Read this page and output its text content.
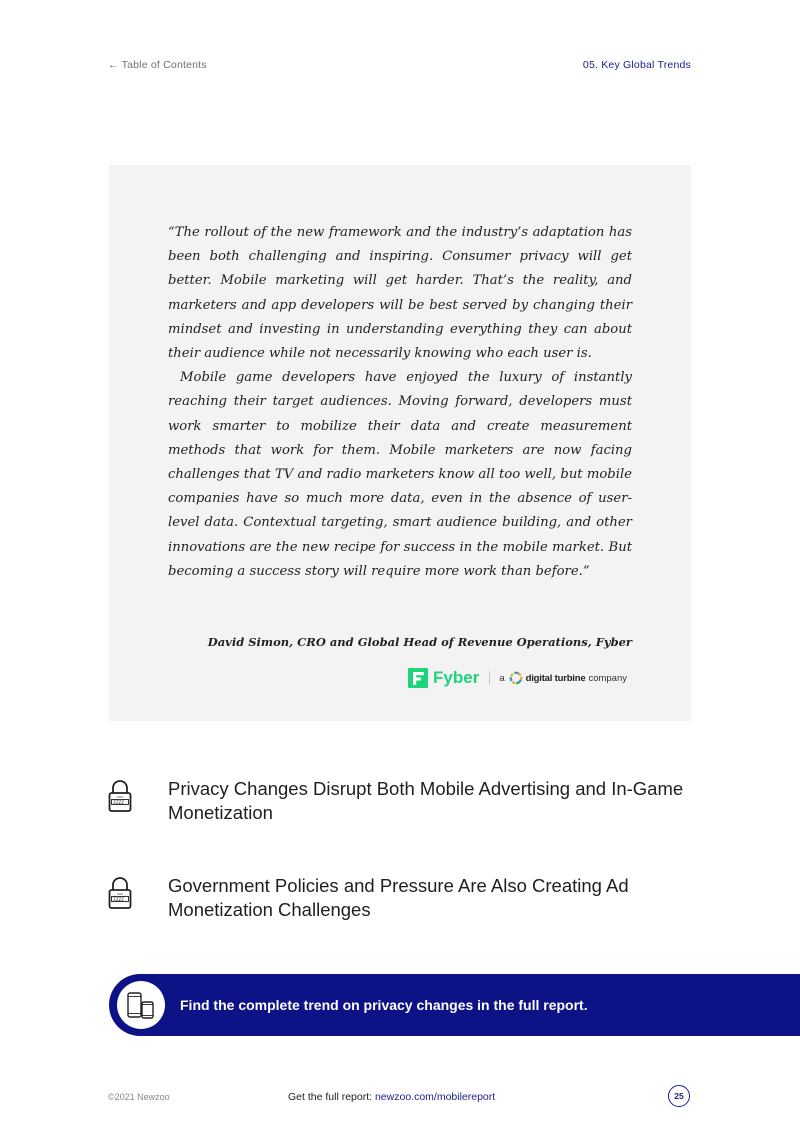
← Table of Contents	05. Key Global Trends

“The rollout of the new framework and the industry’s adaptation has been both challenging and inspiring. Consumer privacy will get better. Mobile marketing will get harder. That’s the reality, and marketers and app developers will be best served by changing their mindset and investing in understanding everything they can about their audience while not necessarily knowing who each user is.

Mobile game developers have enjoyed the luxury of instantly reaching their target audiences. Moving forward, developers must work smarter to mobilize their data and create measurement methods that work for them. Mobile marketers are now facing challenges that TV and radio marketers know all too well, but mobile companies have so much more data, even in the absence of user-level data. Contextual targeting, smart audience building, and other innovations are the new recipe for success in the mobile market. But becoming a success story will require more work than before.”

David Simon, CRO and Global Head of Revenue Operations, Fyber
Fyber a digital turbine company
ZZZZ
Privacy Changes Disrupt Both Mobile Advertising and In-Game Monetization
ZZZZ
Government Policies and Pressure Are Also Creating Ad Monetization Challenges
Find the complete trend on privacy changes in the full report.
©2021 Newzoo	Get the full report: newzoo.com/mobilereport	25
